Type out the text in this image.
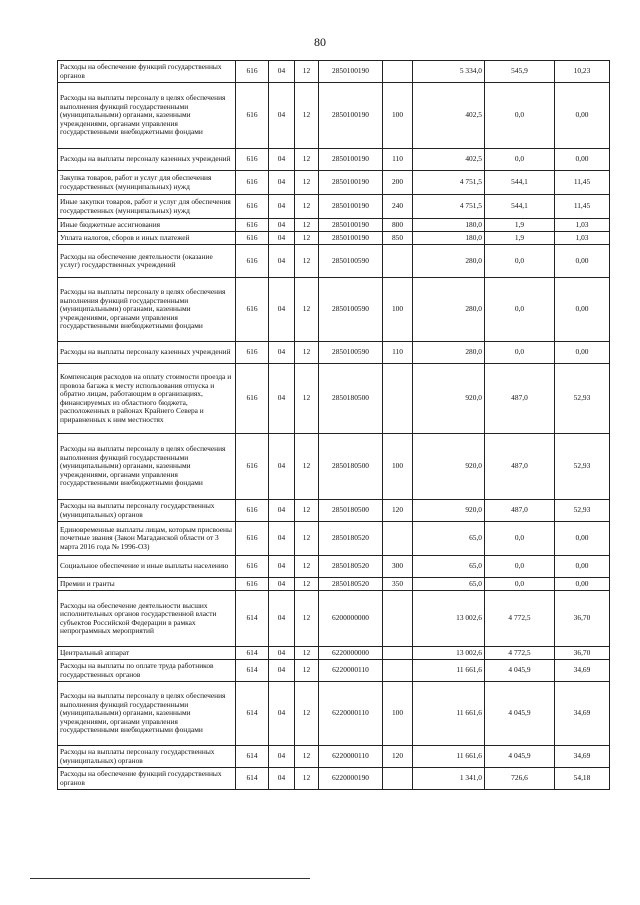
80
Расходы на обеспечение функций государственных органов	616	04	12	2850100190		5 334,0	545,9	10,23
Расходы на выплаты персоналу в целях обеспечения выполнения функций государственными (муниципальными) органами, казенными учреждениями, органами управления государственными внебюджетными фондами	616	04	12	2850100190	100	402,5	0,0	0,00
Расходы на выплаты персоналу казенных учреждений	616	04	12	2850100190	110	402,5	0,0	0,00
Закупка товаров, работ и услуг для обеспечения государственных (муниципальных) нужд	616	04	12	2850100190	200	4 751,5	544,1	11,45
Иные закупки товаров, работ и услуг для обеспечения государственных (муниципальных) нужд	616	04	12	2850100190	240	4 751,5	544,1	11,45
Иные бюджетные ассигнования	616	04	12	2850100190	800	180,0	1,9	1,03
Уплата налогов, сборов и иных платежей	616	04	12	2850100190	850	180,0	1,9	1,03
Расходы на обеспечение деятельности (оказание услуг) государственных учреждений	616	04	12	2850100590		280,0	0,0	0,00
Расходы на выплаты персоналу в целях обеспечения выполнения функций государственными (муниципальными) органами, казенными учреждениями, органами управления государственными внебюджетными фондами	616	04	12	2850100590	100	280,0	0,0	0,00
Расходы на выплаты персоналу казенных учреждений	616	04	12	2850100590	110	280,0	0,0	0,00
Компенсация расходов на оплату стоимости проезда и провоза багажа к месту использования отпуска и обратно лицам, работающим в организациях, финансируемых из областного бюджета, расположенных в районах Крайнего Севера и приравненных к ним местностях	616	04	12	2850180500		920,0	487,0	52,93
Расходы на выплаты персоналу в целях обеспечения выполнения функций государственными (муниципальными) органами, казенными учреждениями, органами управления государственными внебюджетными фондами	616	04	12	2850180500	100	920,0	487,0	52,93
Расходы на выплаты персоналу государственных (муниципальных) органов	616	04	12	2850180500	120	920,0	487,0	52,93
Единовременные выплаты лицам, которым присвоены почетные звания (Закон Магаданской области от 3 марта 2016 года № 1996-ОЗ)	616	04	12	2850180520		65,0	0,0	0,00
Социальное обеспечение и иные выплаты населению	616	04	12	2850180520	300	65,0	0,0	0,00
Премии и гранты	616	04	12	2850180520	350	65,0	0,0	0,00
Расходы на обеспечение деятельности высших исполнительных органов государственной власти субъектов Российской Федерации в рамках непрограммных мероприятий	614	04	12	6200000000		13 002,6	4 772,5	36,70
Центральный аппарат	614	04	12	6220000000		13 002,6	4 772,5	36,70
Расходы на выплаты по оплате труда работников государственных органов	614	04	12	6220000110		11 661,6	4 045,9	34,69
Расходы на выплаты персоналу в целях обеспечения выполнения функций государственными (муниципальными) органами, казенными учреждениями, органами управления государственными внебюджетными фондами	614	04	12	6220000110	100	11 661,6	4 045,9	34,69
Расходы на выплаты персоналу государственных (муниципальных) органов	614	04	12	6220000110	120	11 661,6	4 045,9	34,69
Расходы на обеспечение функций государственных органов	614	04	12	6220000190		1 341,0	726,6	54,18
